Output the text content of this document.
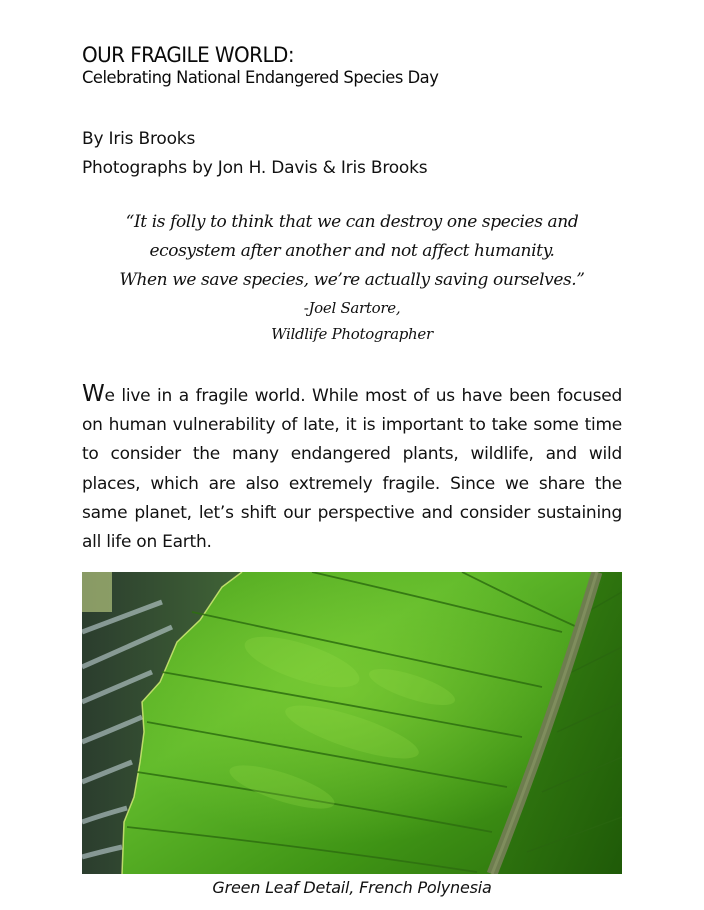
OUR FRAGILE WORLD:
Celebrating National Endangered Species Day
By Iris Brooks
Photographs by Jon H. Davis & Iris Brooks
“It is folly to think that we can destroy one species and
ecosystem after another and not affect humanity.
When we save species, we’re actually saving ourselves.”
-Joel Sartore,
Wildlife Photographer

We live in a fragile world. While most of us have been focused on human vulnerability of late, it is important to take some time to consider the many endangered plants, wildlife, and wild places, which are also extremely fragile. Since we share the same planet, let’s shift our perspective and consider sustaining all life on Earth.

Green Leaf Detail, French Polynesia
